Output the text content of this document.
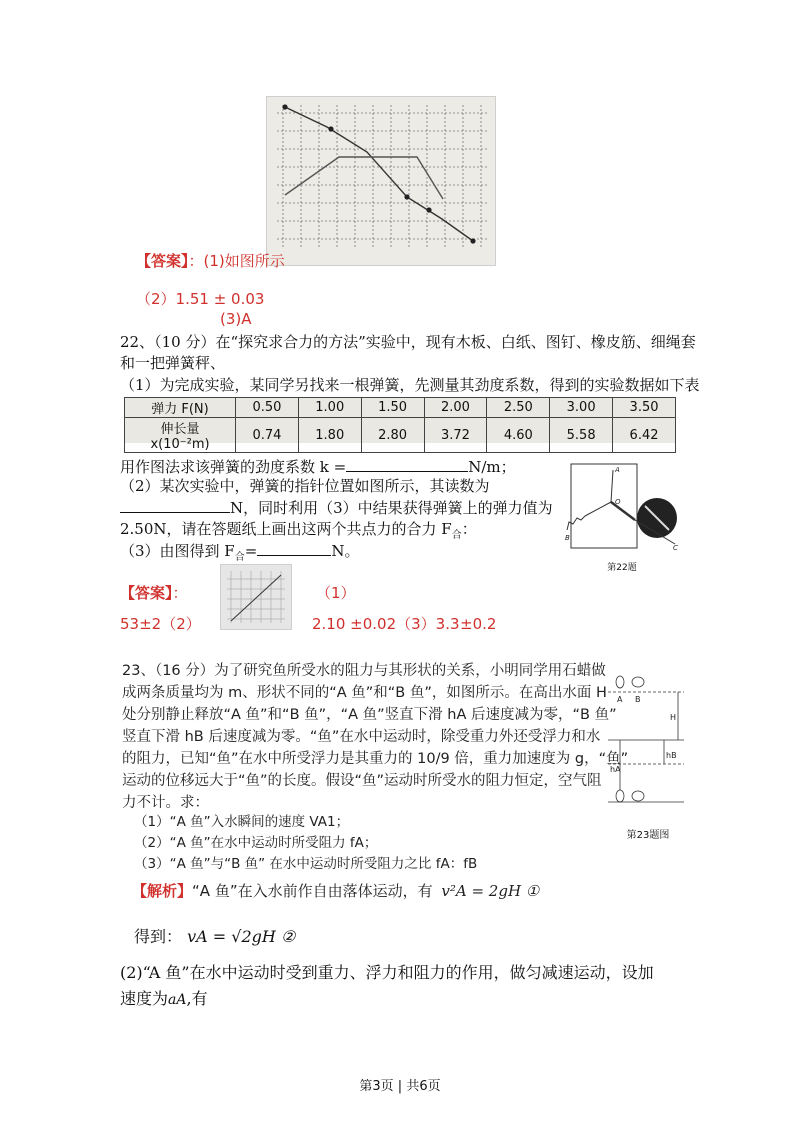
【答案】：(1)如图所示
（2）1.51 ± 0.03
(3)A
22、（10 分）在“探究求合力的方法”实验中，现有木板、白纸、图钉、橡皮筋、细绳套
和一把弹簧秤、
（1）为完成实验，某同学另找来一根弹簧，先测量其劲度系数，得到的实验数据如下表
弹力 F(N)	0.50	1.00	1.50	2.00	2.50	3.00	3.50
伸长量 x(10⁻²m)	0.74	1.80	2.80	3.72	4.60	5.58	6.42
用作图法求该弹簧的劲度系数 k =	N/m；
（2）某次实验中，弹簧的指针位置如图所示，其读数为
N，同时利用（3）中结果获得弹簧上的弹力值为
2.50N，请在答题纸上画出这两个共点力的合力 $F_合$：
（3）由图得到 $F_合=$	N。
A
O
B
C
第22题
【答案】：	（1）
53±2（2）	2.10 ±0.02（3）3.3 ±0.2
23、（16 分）为了研究鱼所受水的阻力与其形状的关系，小明同学用石蜡做
成两条质量均为 m、形状不同的“A 鱼”和“B 鱼”，如图所示。在高出水面 H
处分别静止释放“A 鱼”和“B 鱼”，“A 鱼”竖直下滑 hA 后速度减为零，“B 鱼”
竖直下滑 hB 后速度减为零。“鱼”在水中运动时，除受重力外还受浮力和水
的阻力，已知“鱼”在水中所受浮力是其重力的 10/9 倍，重力加速度为 g，“鱼”
运动的位移远大于“鱼”的长度。假设“鱼”运动时所受水的阻力恒定，空气阻
力不计。求：
（1）“A 鱼”入水瞬间的速度 VA1；
（2）“A 鱼”在水中运动时所受阻力 fA；
（3）“A 鱼”与“B 鱼” 在水中运动时所受阻力之比 fA：fB
A B
H
hA
hB
第23题图
【解析】“A 鱼”在入水前作自由落体运动，有 v²A = 2gH ①
得到： vA = √2gH ②
(2)“A 鱼”在水中运动时受到重力、浮力和阻力的作用，做匀减速运动，设加
速度为aA,有
第3页 | 共6页
